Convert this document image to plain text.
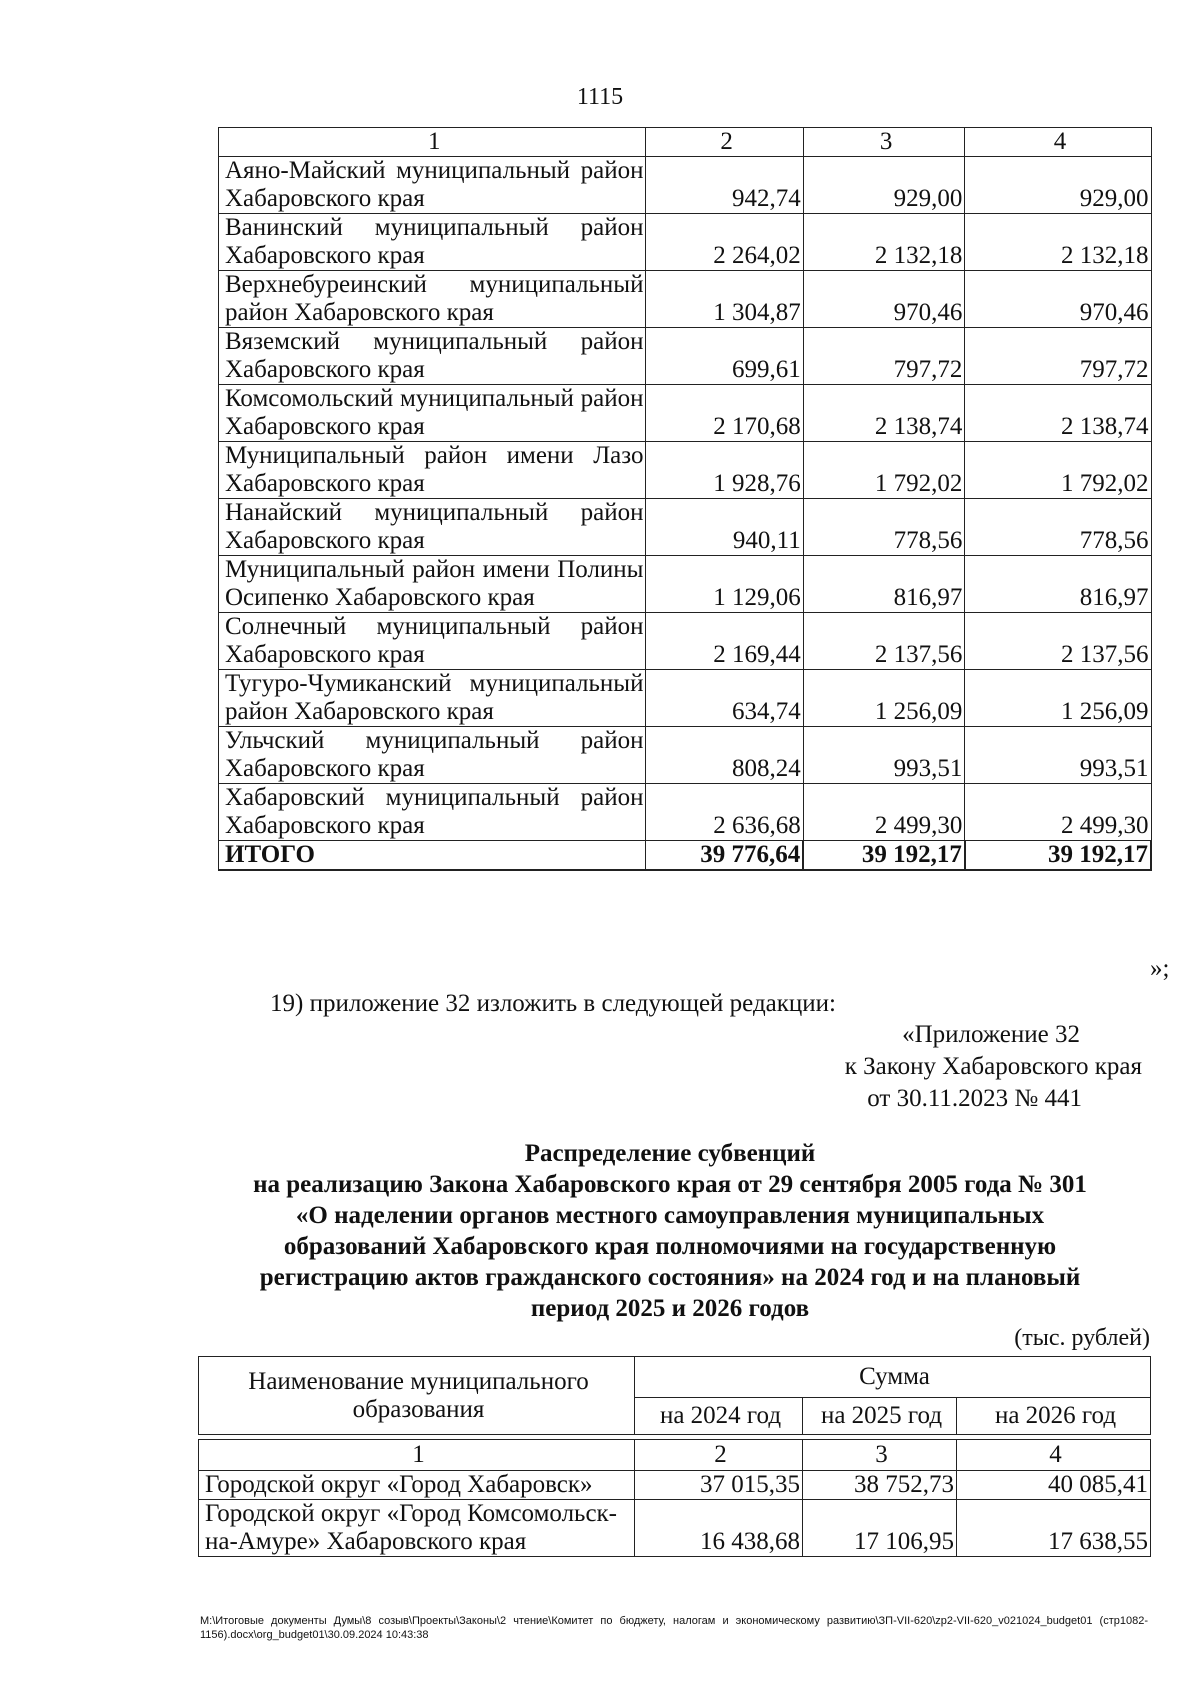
1115
1	2	3	4
Аяно-Майский муниципальный район Хабаровского края	942,74	929,00	929,00
Ванинский муниципальный район Хабаровского края	2 264,02	2 132,18	2 132,18
Верхнебуреинский муниципальный район Хабаровского края	1 304,87	970,46	970,46
Вяземский муниципальный район Хабаровского края	699,61	797,72	797,72
Комсомольский муниципальный район Хабаровского края	2 170,68	2 138,74	2 138,74
Муниципальный район имени Лазо Хабаровского края	1 928,76	1 792,02	1 792,02
Нанайский муниципальный район Хабаровского края	940,11	778,56	778,56
Муниципальный район имени Полины Осипенко Хабаровского края	1 129,06	816,97	816,97
Солнечный муниципальный район Хабаровского края	2 169,44	2 137,56	2 137,56
Тугуро-Чумиканский муниципальный район Хабаровского края	634,74	1 256,09	1 256,09
Ульчский муниципальный район Хабаровского края	808,24	993,51	993,51
Хабаровский муниципальный район Хабаровского края	2 636,68	2 499,30	2 499,30
ИТОГО	39 776,64	39 192,17	39 192,17
»;
19) приложение 32 изложить в следующей редакции:
«Приложение 32
к Закону Хабаровского края
от 30.11.2023 № 441
Распределение субвенций
на реализацию Закона Хабаровского края от 29 сентября 2005 года № 301
«О наделении органов местного самоуправления муниципальных
образований Хабаровского края полномочиями на государственную
регистрацию актов гражданского состояния» на 2024 год и на плановый
период 2025 и 2026 годов
(тыс. рублей)
Наименование муниципального образования	Сумма		
	на 2024 год	на 2025 год	на 2026 год

1	2	3	4
Городской округ «Город Хабаровск»	37 015,35	38 752,73	40 085,41
Городской округ «Город Комсомольск-на-Амуре» Хабаровского края	16 438,68	17 106,95	17 638,55
M:\Итоговые документы Думы\8 созыв\Проекты\Законы\2 чтение\Комитет по бюджету, налогам и экономическому развитию\ЗП-VII-620\zp2-VII-620_v021024_budget01 (стр1082-1156).docx\org_budget01\30.09.2024 10:43:38
